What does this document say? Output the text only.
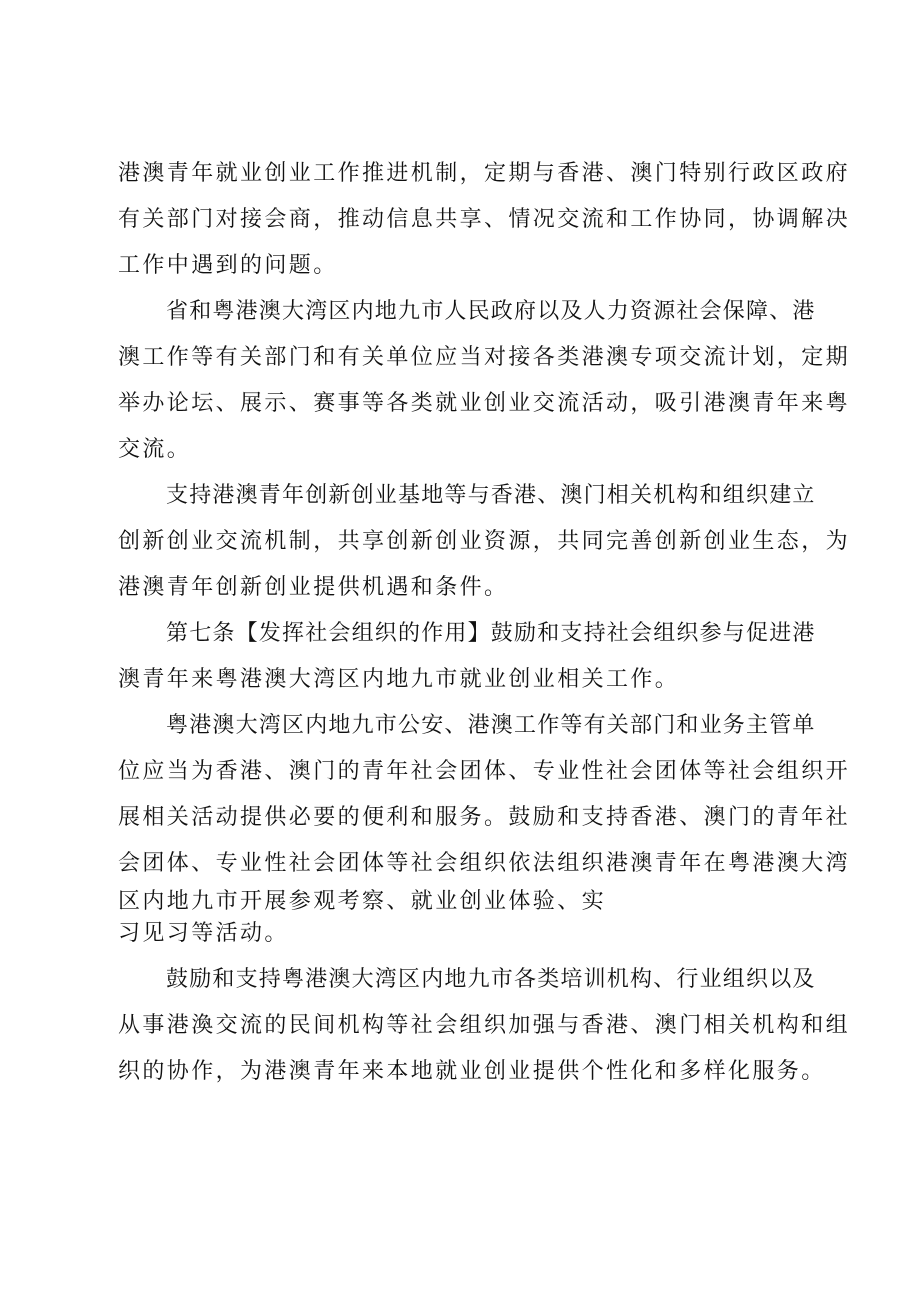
港澳青年就业创业工作推进机制，定期与香港、澳门特别行政区政府
有关部门对接会商，推动信息共享、情况交流和工作协同，协调解决
工作中遇到的问题。
省和粤港澳大湾区内地九市人民政府以及人力资源社会保障、港
澳工作等有关部门和有关单位应当对接各类港澳专项交流计划，定期
举办论坛、展示、赛事等各类就业创业交流活动，吸引港澳青年来粤
交流。
支持港澳青年创新创业基地等与香港、澳门相关机构和组织建立
创新创业交流机制，共享创新创业资源，共同完善创新创业生态，为
港澳青年创新创业提供机遇和条件。
第七条【发挥社会组织的作用】鼓励和支持社会组织参与促进港
澳青年来粤港澳大湾区内地九市就业创业相关工作。
粤港澳大湾区内地九市公安、港澳工作等有关部门和业务主管单
位应当为香港、澳门的青年社会团体、专业性社会团体等社会组织开
展相关活动提供必要的便利和服务。鼓励和支持香港、澳门的青年社
会团体、专业性社会团体等社会组织依法组织港澳青年在粤港澳大湾
区内地九市开展参观考察、就业创业体验、实
习见习等活动。
鼓励和支持粤港澳大湾区内地九市各类培训机构、行业组织以及
从事港渙交流的民间机构等社会组织加强与香港、澳门相关机构和组
织的协作，为港澳青年来本地就业创业提供个性化和多样化服务。
